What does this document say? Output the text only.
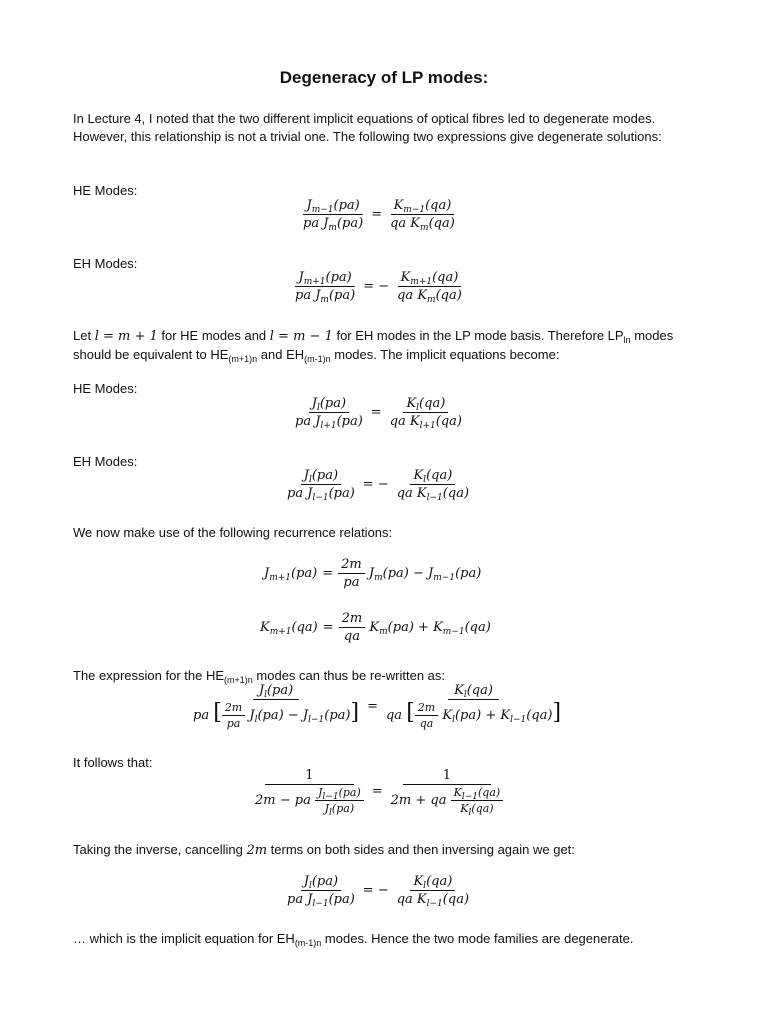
Degeneracy of LP modes:
In Lecture 4, I noted that the two different implicit equations of optical fibres led to degenerate modes. However, this relationship is not a trivial one. The following two expressions give degenerate solutions:
HE Modes:
$\frac{J_{m-1}(pa)}{pa J_m(pa)} = \frac{K_{m-1}(qa)}{qa K_m(qa)}$
EH Modes:
$\frac{J_{m+1}(pa)}{pa J_m(pa)}$ = − $\frac{K_{m+1}(qa)}{qa K_m(qa)}$
Let l = m + 1 for HE modes and l = m − 1 for EH modes in the LP mode basis. Therefore $LP_{ln}$ modes should be equivalent to $HE_{(m+1)n}$ and $EH_{(m-1)n}$ modes. The implicit equations become:
HE Modes:
$\frac{J_l(pa)}{pa J_{l+1}(pa)} = \frac{K_l(qa)}{qa K_{l+1}(qa)}$
EH Modes:
$\frac{J_l(pa)}{pa J_{l-1}(pa)}$ = − $\frac{K_l(qa)}{qa K_{l-1}(qa)}$
We now make use of the following recurrence relations:
$J_{m+1}(pa) = \frac{2m}{pa} J_m(pa) - J_{m-1}(pa)$
$K_{m+1}(qa) = \frac{2m}{qa} K_m(pa) + K_{m-1}(qa)$
The expression for the $HE_{(m+1)n}$ modes can thus be re-written as:
$J_l(pa)$
pa [ $\frac{2m}{pa} J_l(pa) - J_{l-1}(pa)$] =
$K_l(qa)$
qa [ $\frac{2m}{qa} K_l(pa) + K_{l-1}(qa)$]
It follows that:
$\frac{1}{2m - pa \frac{J_{l-1}(pa)}{J_l(pa)}} = \frac{1}{2m + qa \frac{K_{l-1}(qa)}{K_l(qa)}}$
Taking the inverse, cancelling 2m terms on both sides and then inversing again we get:
$\frac{J_l(pa)}{pa J_{l-1}(pa)}$ = − $\frac{K_l(qa)}{qa K_{l-1}(qa)}$
… which is the implicit equation for $EH_{(m-1)n}$ modes. Hence the two mode families are degenerate.
